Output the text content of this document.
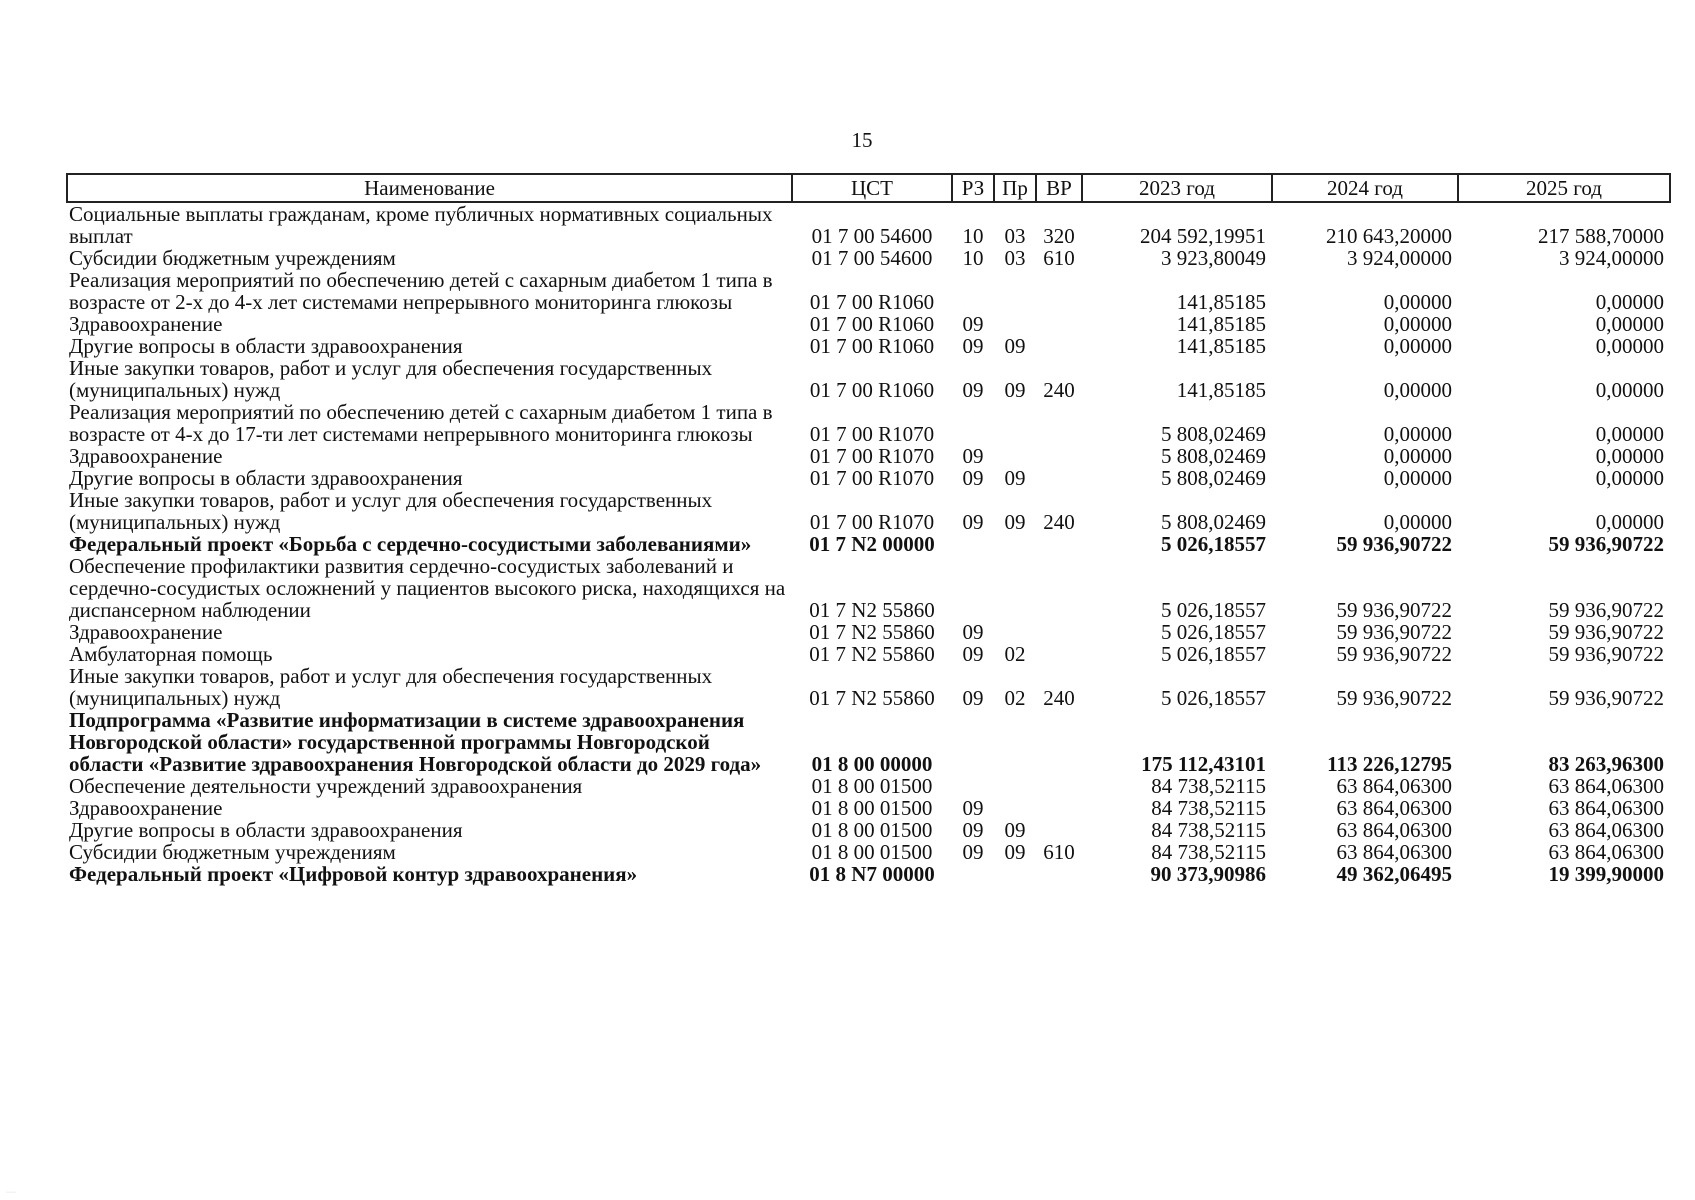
15
Наименование	ЦСТ	РЗ	Пр	ВР	2023 год	2024 год	2025 год
Социальные выплаты гражданам, кроме публичных нормативных социальных выплат	01 7 00 54600	10	03	320	204 592,19951	210 643,20000	217 588,70000
Субсидии бюджетным учреждениям	01 7 00 54600	10	03	610	3 923,80049	3 924,00000	3 924,00000
Реализация мероприятий по обеспечению детей с сахарным диабетом 1 типа в возрасте от 2-х до 4-х лет системами непрерывного мониторинга глюкозы	01 7 00 R1060				141,85185	0,00000	0,00000
Здравоохранение	01 7 00 R1060	09			141,85185	0,00000	0,00000
Другие вопросы в области здравоохранения	01 7 00 R1060	09	09		141,85185	0,00000	0,00000
Иные закупки товаров, работ и услуг для обеспечения государственных (муниципальных) нужд	01 7 00 R1060	09	09	240	141,85185	0,00000	0,00000
Реализация мероприятий по обеспечению детей с сахарным диабетом 1 типа в возрасте от 4-х до 17-ти лет системами непрерывного мониторинга глюкозы	01 7 00 R1070				5 808,02469	0,00000	0,00000
Здравоохранение	01 7 00 R1070	09			5 808,02469	0,00000	0,00000
Другие вопросы в области здравоохранения	01 7 00 R1070	09	09		5 808,02469	0,00000	0,00000
Иные закупки товаров, работ и услуг для обеспечения государственных (муниципальных) нужд	01 7 00 R1070	09	09	240	5 808,02469	0,00000	0,00000
Федеральный проект «Борьба с сердечно-сосудистыми заболеваниями»	01 7 N2 00000				5 026,18557	59 936,90722	59 936,90722
Обеспечение профилактики развития сердечно-сосудистых заболеваний и сердечно-сосудистых осложнений у пациентов высокого риска, находящихся на диспансерном наблюдении	01 7 N2 55860				5 026,18557	59 936,90722	59 936,90722
Здравоохранение	01 7 N2 55860	09			5 026,18557	59 936,90722	59 936,90722
Амбулаторная помощь	01 7 N2 55860	09	02		5 026,18557	59 936,90722	59 936,90722
Иные закупки товаров, работ и услуг для обеспечения государственных (муниципальных) нужд	01 7 N2 55860	09	02	240	5 026,18557	59 936,90722	59 936,90722
Подпрограмма «Развитие информатизации в системе здравоохранения Новгородской области» государственной программы Новгородской области «Развитие здравоохранения Новгородской области до 2029 года»	01 8 00 00000				175 112,43101	113 226,12795	83 263,96300
Обеспечение деятельности учреждений здравоохранения	01 8 00 01500				84 738,52115	63 864,06300	63 864,06300
Здравоохранение	01 8 00 01500	09			84 738,52115	63 864,06300	63 864,06300
Другие вопросы в области здравоохранения	01 8 00 01500	09	09		84 738,52115	63 864,06300	63 864,06300
Субсидии бюджетным учреждениям	01 8 00 01500	09	09	610	84 738,52115	63 864,06300	63 864,06300
Федеральный проект «Цифровой контур здравоохранения»	01 8 N7 00000				90 373,90986	49 362,06495	19 399,90000
·····
